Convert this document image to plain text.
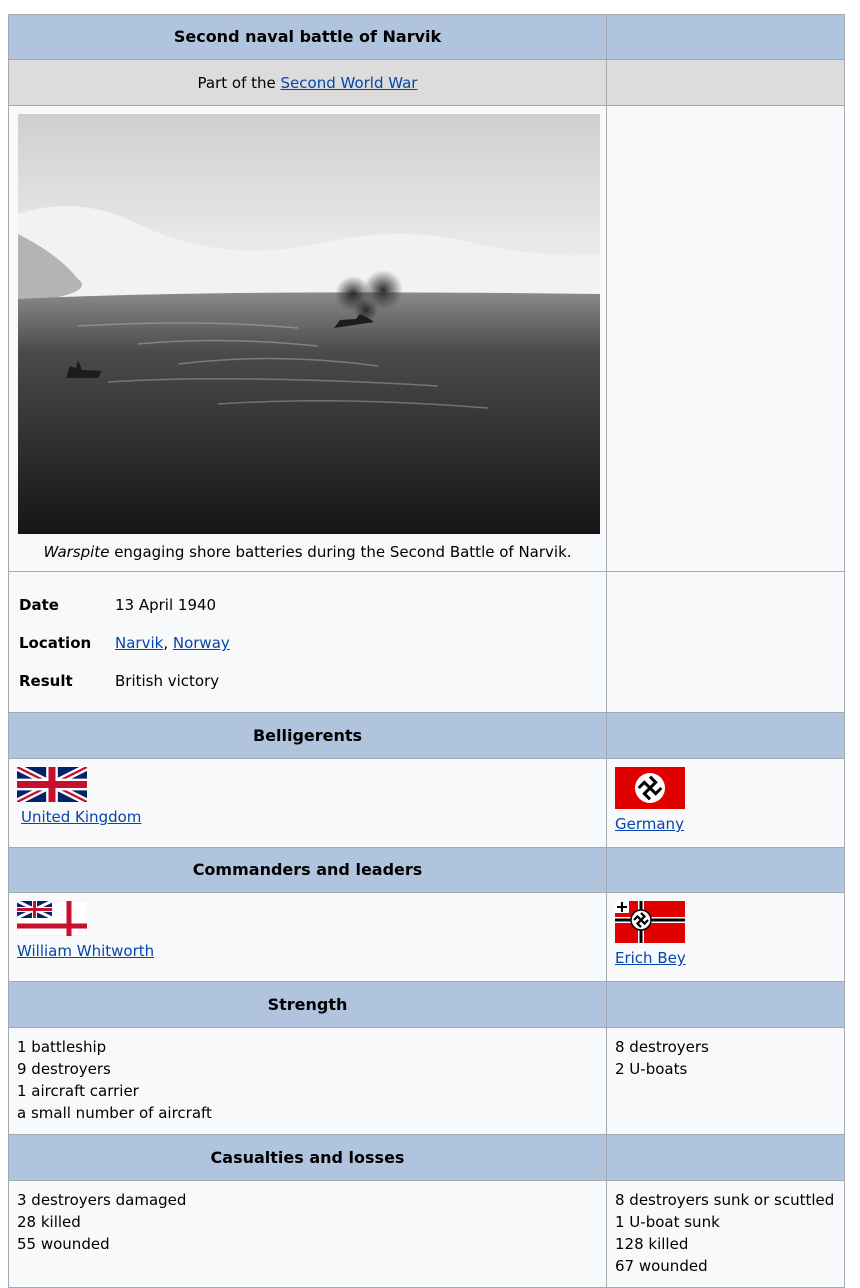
Second naval battle of Narvik	
Part of the Second World War	

Warspite engaging shore batteries during the Second Battle of Narvik.

Date	13 April 1940
Location	Narvik, Norway
Result	British victory

Belligerents	

United Kingdom	Germany
Commanders and leaders	

William Whitworth	Erich Bey
Strength	

1 battleship
9 destroyers
1 aircraft carrier
a small number of aircraft

8 destroyers
2 U-boats

Casualties and losses	

3 destroyers damaged
28 killed
55 wounded

8 destroyers sunk or scuttled
1 U-boat sunk
128 killed
67 wounded
